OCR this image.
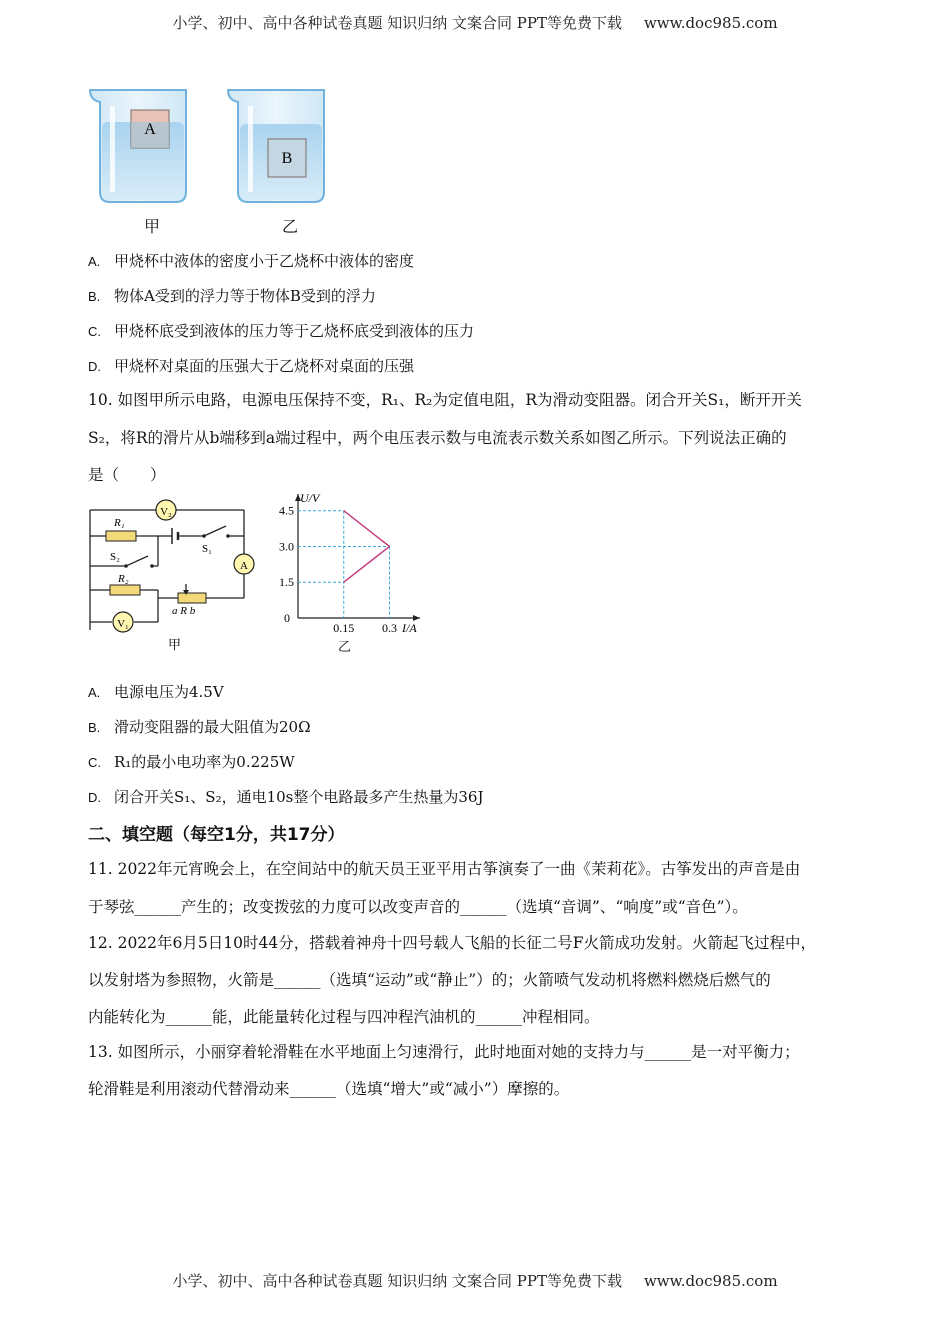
小学、初中、高中各种试卷真题 知识归纳 文案合同 PPT等免费下载 www.doc985.com
A
B
甲	乙
A. 甲烧杯中液体的密度小于乙烧杯中液体的密度
B. 物体A受到的浮力等于物体B受到的浮力
C. 甲烧杯底受到液体的压力等于乙烧杯底受到液体的压力
D. 甲烧杯对桌面的压强大于乙烧杯对桌面的压强
10. 如图甲所示电路，电源电压保持不变，R₁、R₂为定值电阻，R为滑动变阻器。闭合开关S₁，断开开关
S₂，将R的滑片从b端移到a端过程中，两个电压表示数与电流表示数关系如图乙所示。下列说法正确的
是（　　）
V₂
R₁
S₁
A
S₂
R₂
a R b
V₁
甲
U/V
I/A
0
4.5
3.0
1.5
0.15 0.3
乙
A. 电源电压为4.5V
B. 滑动变阻器的最大阻值为20Ω
C. R₁的最小电功率为0.225W
D. 闭合开关S₁、S₂，通电10s整个电路最多产生热量为36J
二、填空题（每空1分，共17分）
11. 2022年元宵晚会上，在空间站中的航天员王亚平用古筝演奏了一曲《茉莉花》。古筝发出的声音是由
于琴弦______产生的；改变拨弦的力度可以改变声音的______（选填“音调”、“响度”或“音色”）。
12. 2022年6月5日10时44分，搭载着神舟十四号载人飞船的长征二号F火箭成功发射。火箭起飞过程中，
以发射塔为参照物，火箭是______（选填“运动”或“静止”）的；火箭喷气发动机将燃料燃烧后燃气的
内能转化为______能，此能量转化过程与四冲程汽油机的______冲程相同。
13. 如图所示，小丽穿着轮滑鞋在水平地面上匀速滑行，此时地面对她的支持力与______是一对平衡力；
轮滑鞋是利用滚动代替滑动来______（选填“增大”或“减小”）摩擦的。
小学、初中、高中各种试卷真题 知识归纳 文案合同 PPT等免费下载 www.doc985.com
